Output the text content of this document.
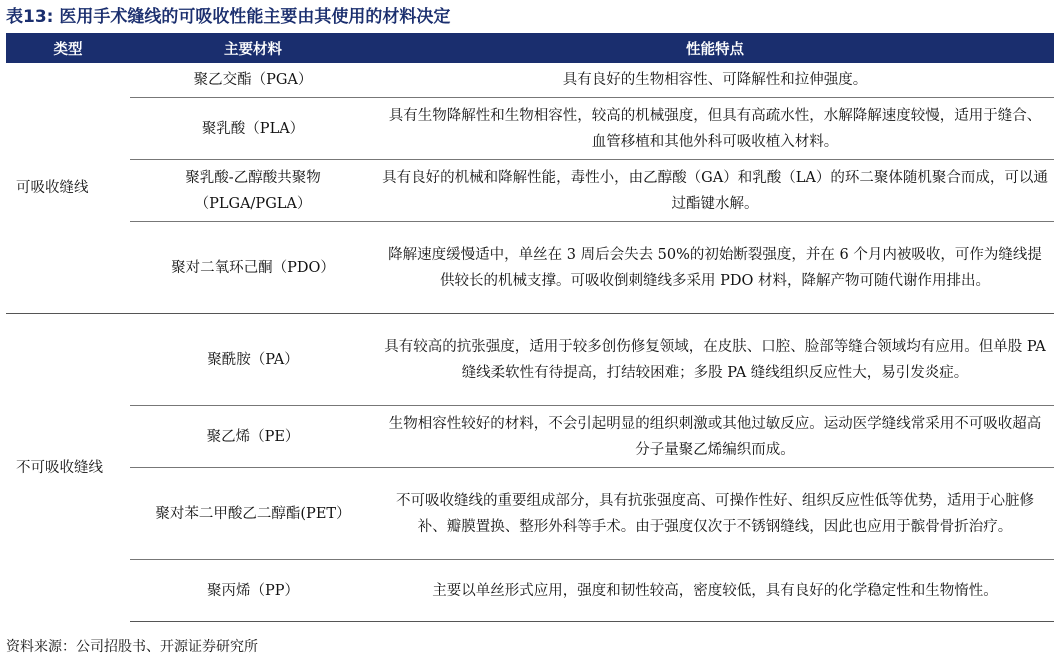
表13: 医用手术缝线的可吸收性能主要由其使用的材料决定
类型	主要材料	性能特点
可吸收缝线	聚乙交酯（PGA）	具有良好的生物相容性、可降解性和拉伸强度。
	聚乳酸（PLA）	具有生物降解性和生物相容性，较高的机械强度，但具有高疏水性，水解降解速度较慢，适用于缝合、血管移植和其他外科可吸收植入材料。
	聚乳酸-乙醇酸共聚物（PLGA/PGLA）	具有良好的机械和降解性能，毒性小，由乙醇酸（GA）和乳酸（LA）的环二聚体随机聚合而成，可以通过酯键水解。
	聚对二氧环己酮（PDO）	降解速度缓慢适中，单丝在 3 周后会失去 50%的初始断裂强度，并在 6 个月内被吸收，可作为缝线提供较长的机械支撑。可吸收倒刺缝线多采用 PDO 材料，降解产物可随代谢作用排出。
不可吸收缝线	聚酰胺（PA）	具有较高的抗张强度，适用于较多创伤修复领域，在皮肤、口腔、脸部等缝合领域均有应用。但单股 PA 缝线柔软性有待提高，打结较困难；多股 PA 缝线组织反应性大，易引发炎症。
	聚乙烯（PE）	生物相容性较好的材料，不会引起明显的组织刺激或其他过敏反应。运动医学缝线常采用不可吸收超高分子量聚乙烯编织而成。
	聚对苯二甲酸乙二醇酯(PET）	不可吸收缝线的重要组成部分，具有抗张强度高、可操作性好、组织反应性低等优势，适用于心脏修补、瓣膜置换、整形外科等手术。由于强度仅次于不锈钢缝线，因此也应用于髌骨骨折治疗。
	聚丙烯（PP）	主要以单丝形式应用，强度和韧性较高，密度较低，具有良好的化学稳定性和生物惰性。
资料来源：公司招股书、开源证券研究所
